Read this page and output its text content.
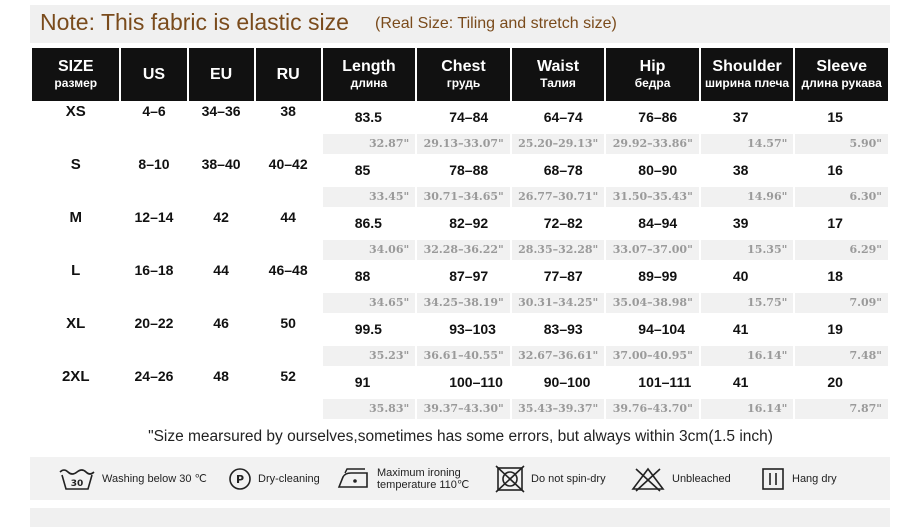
Note: This fabric is elastic size (Real Size: Tiling and stretch size)
SIZE
размер	US	EU	RU	Length
длина	Chest
грудь	Waist
Талия	Hip
бедра	Shoulder
ширина плеча	Sleeve
длина рукава

XS	4–6	34–36	38	83.5
32.87"	74–84
29.13–33.07"	64–74
25.20–29.13"	76–86
29.92–33.86"	37
14.57"	15
5.90"

S	8–10	38–40	40–42	85
33.45"	78–88
30.71–34.65"	68–78
26.77–30.71"	80–90
31.50–35.43"	38
14.96"	16
6.30"

M	12–14	42	44	86.5
34.06"	82–92
32.28–36.22"	72–82
28.35–32.28"	84–94
33.07–37.00"	39
15.35"	17
6.29"

L	16–18	44	46–48	88
34.65"	87–97
34.25–38.19"	77–87
30.31–34.25"	89–99
35.04–38.98"	40
15.75"	18
7.09"

XL	20–22	46	50	99.5
35.23"	93–103
36.61–40.55"	83–93
32.67–36.61"	94–104
37.00–40.95"	41
16.14"	19
7.48"

2XL	24–26	48	52	91
35.83"	100–110
39.37–43.30"	90–100
35.43–39.37"	101–111
39.76–43.70"	41
16.14"	20
7.87"
"Size mearsured by ourselves,sometimes has some errors, but always within 3cm(1.5 inch)
30 Washing below 30 ℃	P Dry-cleaning	Maximum ironing
temperature 110℃	Do not spin-dry	Unbleached	Hang dry
